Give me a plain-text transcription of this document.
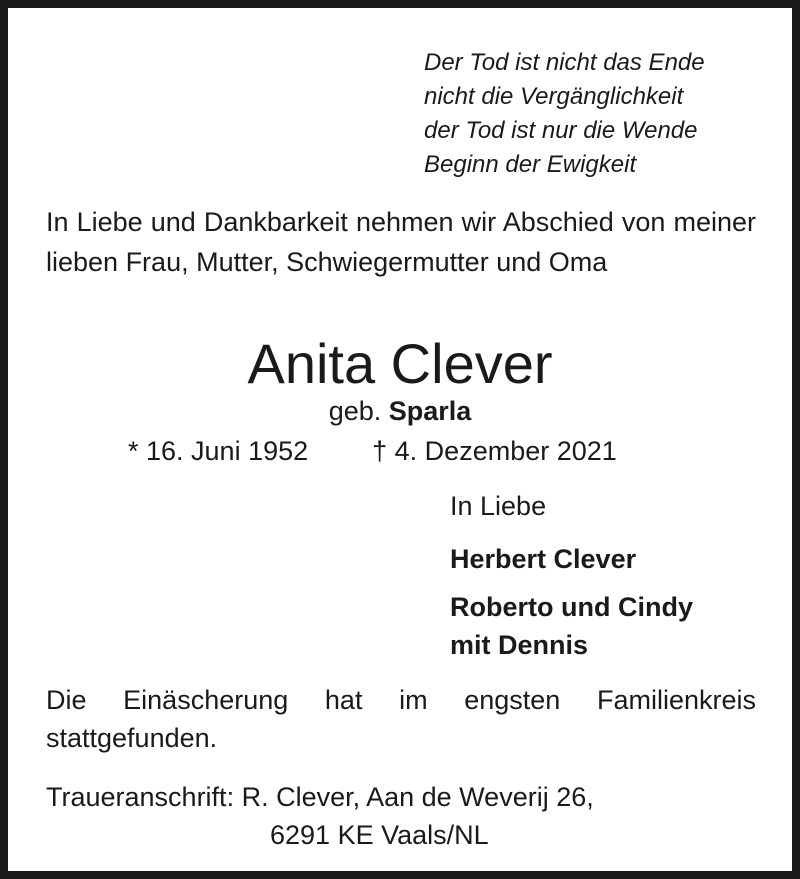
Der Tod ist nicht das Ende
nicht die Vergänglichkeit
der Tod ist nur die Wende
Beginn der Ewigkeit

In Liebe und Dankbarkeit nehmen wir Abschied von meiner lieben Frau, Mutter, Schwiegermutter und Oma

Anita Clever
geb. Sparla
* 16. Juni 1952 † 4. Dezember 2021
In Liebe
Herbert Clever
Roberto und Cindy
mit Dennis

Die Einäscherung hat im engsten Familienkreis stattgefunden.

Traueranschrift: R. Clever, Aan de Weverij 26,
6291 KE Vaals/NL
